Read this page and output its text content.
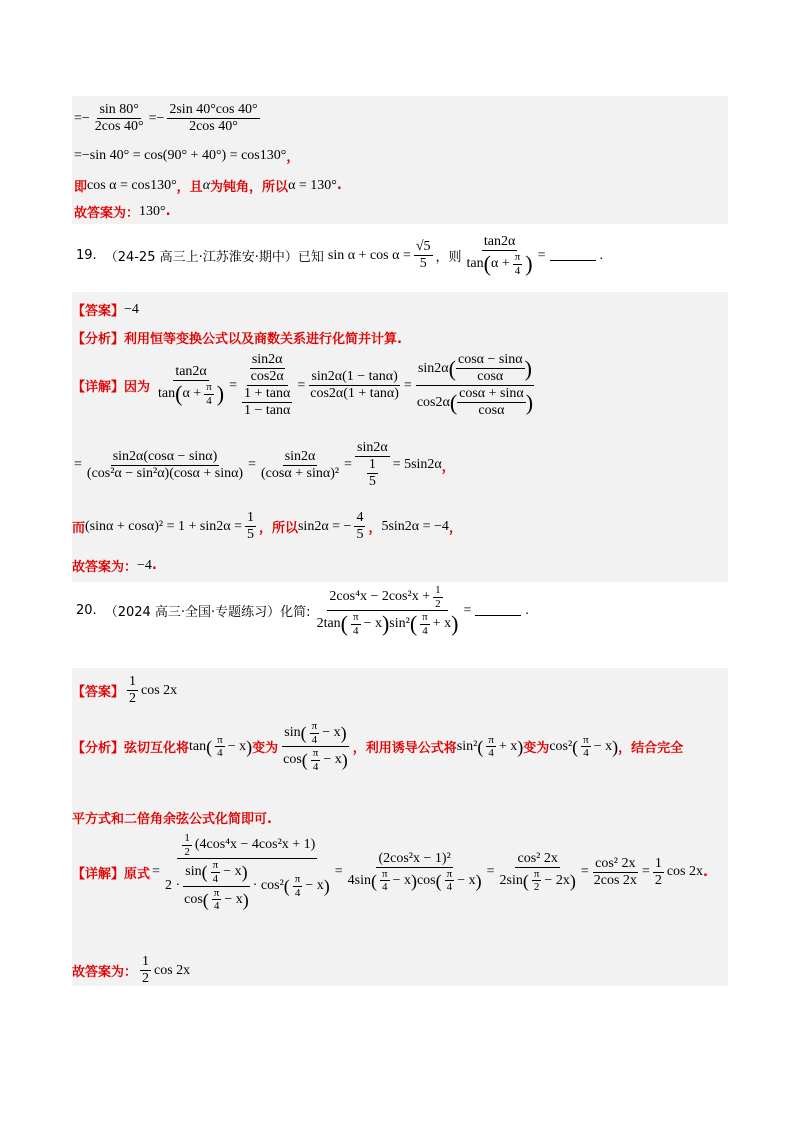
=− $\frac{\sin 80^\circ}{2\cos 40^\circ} =- \frac{2\sin 40^\circ\cos 40^\circ}{2\cos 40^\circ}$
=−sin 40° = cos(90° + 40°) = cos130° ，
即 cos α = cos130° ，且 α 为钝角，所以 α = 130° .
故答案为： 130° .
19. （24-25 高三上·江苏淮安·期中）已知 $\sin \alpha + \cos \alpha = \frac{√5}{5}$ ，则 $\frac{\tan 2\alpha}{\tan ( \alpha + \frac{\pi}{4} )}$ =	.
【答案】 −4
【分析】 利用恒等变换公式以及商数关系进行化简并计算.
【详解】 因为 $\frac{\tan 2\alpha}{\tan ( \alpha + \frac{\pi}{4} )} = \frac{\frac{\sin 2\alpha}{\cos 2\alpha}}{\frac{1 + \tan\alpha}{1 - \tan\alpha}} = \frac{\sin 2\alpha(1 - \tan\alpha)}{\cos 2\alpha(1 + \tan\alpha)} = \frac{\sin 2\alpha ( \frac{\cos\alpha - \sin\alpha}{\cos\alpha} )}{\cos 2\alpha ( \frac{\cos\alpha + \sin\alpha}{\cos\alpha} )}$
= $\frac{\sin 2\alpha(\cos\alpha - \sin\alpha)}{\text{(cos²α − sin²α)(cosα + sinα)}} = \frac{\sin 2\alpha}{\text{(cosα + sinα)²}} = \frac{\sin 2\alpha}{\frac{1}{5}} = 5\sin 2\alpha$ ，
而 $(\sin\alpha + \cos\alpha)^2 = 1 + \sin 2\alpha = \frac{1}{5}$ ，所以 sin2α = − $\frac{4}{5}$ ， 5sin2α = −4 ，
故答案为： −4 .
20. （2024 高三·全国·专题练习）化简: $\frac{2\cos^4x - 2\cos^2x + \frac{1}{2}}{2\tan ( \frac{\pi}{4} - x ) \sin^2 ( \frac{\pi}{4} + x )}$ =	.
【答案】 $\frac{1}{2}$ cos 2x
【分析】 弦切互化将 tan ( $\frac{\pi}{4} - x$ ) 变为 $\frac{\sin ( \frac{\pi}{4} - x )}{\cos ( \frac{\pi}{4} - x )}$ ，利用诱导公式将 sin² ( $\frac{\pi}{4} + x$ ) 变为 cos² ( $\frac{\pi}{4} - x$ ) ，结合完全
平方式和二倍角余弦公式化简即可.
【详解】 原式 =
$\frac{1}{2} (4\cos^4x - 4\cos^2x + 1)$
$2 \cdot \frac{\sin ( \frac{\pi}{4} - x )}{\cos ( \frac{\pi}{4} - x )} \cdot \cos^2$ ( $\frac{\pi}{4} - x$ )
= $\frac{\text{(2cos²x − 1)²}}{4\sin ( \frac{\pi}{4} - x ) \cos ( \frac{\pi}{4} - x )} = \frac{\text{cos² 2x}}{2\sin ( \frac{\pi}{2} - 2x )} = \frac{\text{cos² 2x}}{2\cos 2x} = \frac{1}{2}$ cos 2x .
故答案为： $\frac{1}{2}$ cos 2x
